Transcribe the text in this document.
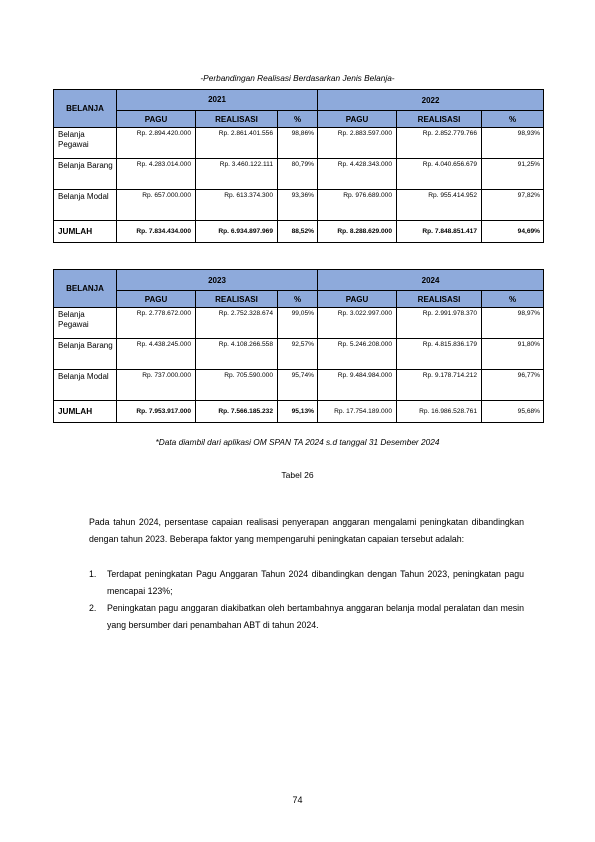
-Perbandingan Realisasi Berdasarkan Jenis Belanja-
BELANJA	2021			2022		
	PAGU	REALISASI	%	PAGU	REALISASI	%
Belanja Pegawai	Rp. 2.894.420.000	Rp. 2.861.401.556	98,86%	Rp. 2.883.597.000	Rp. 2.852.779.766	98,93%
Belanja Barang	Rp. 4.283.014.000	Rp. 3.460.122.111	80,79%	Rp. 4.428.343.000	Rp. 4.040.656.679	91,25%
Belanja Modal	Rp. 657.000.000	Rp. 613.374.300	93,36%	Rp. 976.689.000	Rp. 955.414.952	97,82%
JUMLAH	Rp. 7.834.434.000	Rp. 6.934.897.969	88,52%	Rp. 8.288.629.000	Rp. 7.848.851.417	94,69%
BELANJA	2023			2024		
	PAGU	REALISASI	%	PAGU	REALISASI	%
Belanja Pegawai	Rp. 2.778.672.000	Rp. 2.752.328.674	99,05%	Rp. 3.022.997.000	Rp. 2.991.978.370	98,97%
Belanja Barang	Rp. 4.438.245.000	Rp. 4.108.266.558	92,57%	Rp. 5.246.208.000	Rp. 4.815.836.179	91,80%
Belanja Modal	Rp. 737.000.000	Rp. 705.590.000	95,74%	Rp. 9.484.984.000	Rp. 9.178.714.212	96,77%
JUMLAH	Rp. 7.953.917.000	Rp. 7.566.185.232	95,13%	Rp. 17.754.189.000	Rp. 16.986.528.761	95,68%
*Data diambil dari aplikasi OM SPAN TA 2024 s.d tanggal 31 Desember 2024
Tabel 26
Pada tahun 2024, persentase capaian realisasi penyerapan anggaran mengalami peningkatan dibandingkan dengan tahun 2023. Beberapa faktor yang mempengaruhi peningkatan capaian tersebut adalah:
1. Terdapat peningkatan Pagu Anggaran Tahun 2024 dibandingkan dengan Tahun 2023, peningkatan pagu mencapai 123%;
2. Peningkatan pagu anggaran diakibatkan oleh bertambahnya anggaran belanja modal peralatan dan mesin yang bersumber dari penambahan ABT di tahun 2024.
74
